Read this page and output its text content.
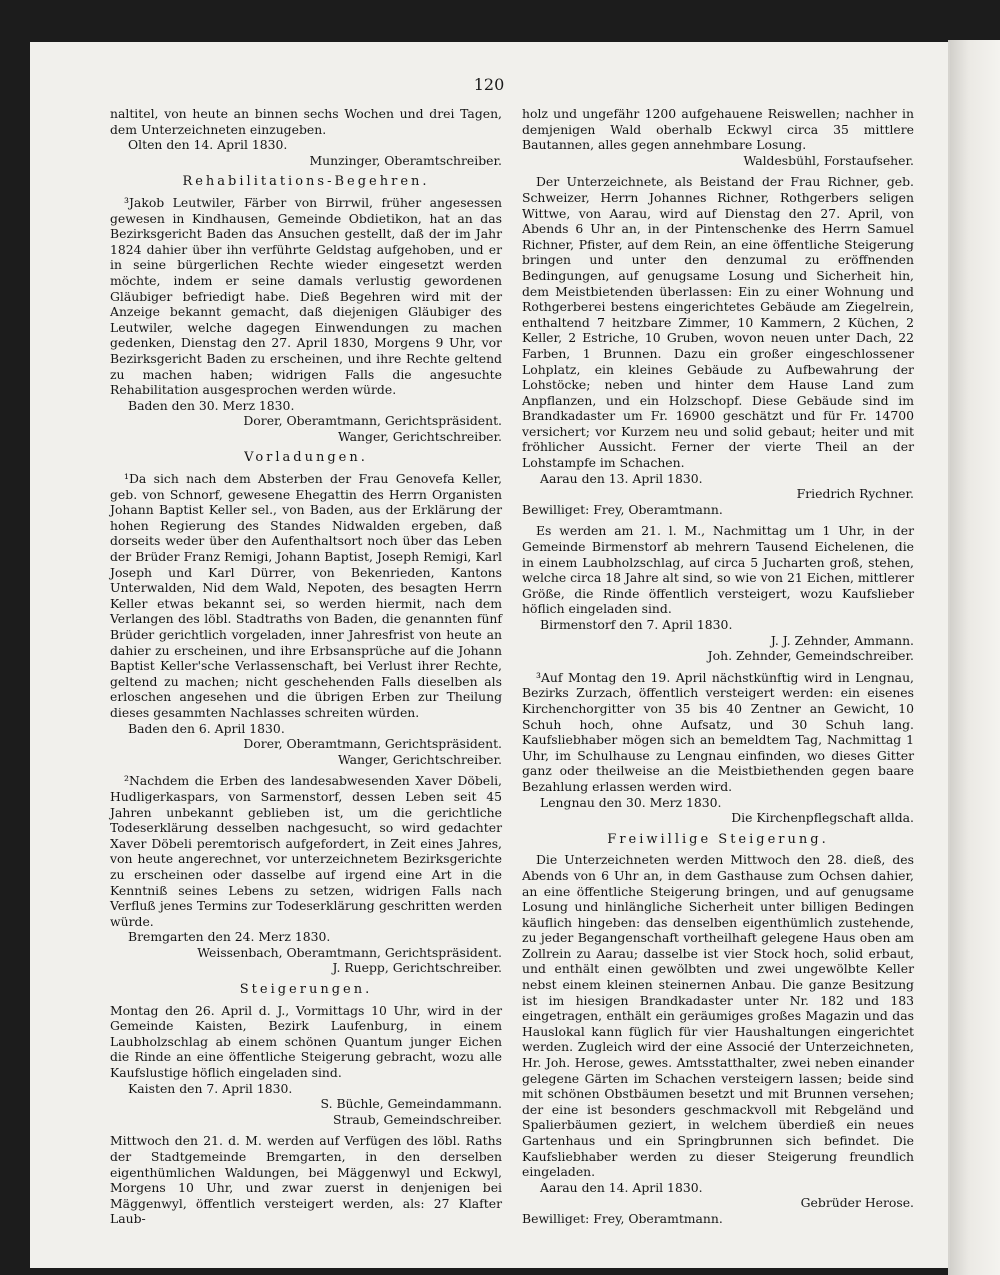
120

naltitel, von heute an binnen sechs Wochen und drei Tagen, dem Unterzeichneten einzugeben.

Olten den 14. April 1830.

Munzinger, Oberamtschreiber.

Rehabilitations-Begehren.

³Jakob Leutwiler, Färber von Birrwil, früher angesessen gewesen in Kindhausen, Gemeinde Obdietikon, hat an das Bezirksgericht Baden das Ansuchen gestellt, daß der im Jahr 1824 dahier über ihn verführte Geldstag aufgehoben, und er in seine bürgerlichen Rechte wieder eingesetzt werden möchte, indem er seine damals verlustig gewordenen Gläubiger befriedigt habe. Dieß Begehren wird mit der Anzeige bekannt gemacht, daß diejenigen Gläubiger des Leutwiler, welche dagegen Einwendungen zu machen gedenken, Dienstag den 27. April 1830, Morgens 9 Uhr, vor Bezirksgericht Baden zu erscheinen, und ihre Rechte geltend zu machen haben; widrigen Falls die angesuchte Rehabilitation ausgesprochen werden würde.

Baden den 30. Merz 1830.

Dorer, Oberamtmann, Gerichtspräsident.

Wanger, Gerichtschreiber.

Vorladungen.

¹Da sich nach dem Absterben der Frau Genovefa Keller, geb. von Schnorf, gewesene Ehegattin des Herrn Organisten Johann Baptist Keller sel., von Baden, aus der Erklärung der hohen Regierung des Standes Nidwalden ergeben, daß dorseits weder über den Aufenthaltsort noch über das Leben der Brüder Franz Remigi, Johann Baptist, Joseph Remigi, Karl Joseph und Karl Dürrer, von Bekenrieden, Kantons Unterwalden, Nid dem Wald, Nepoten, des besagten Herrn Keller etwas bekannt sei, so werden hiermit, nach dem Verlangen des löbl. Stadtraths von Baden, die genannten fünf Brüder gerichtlich vorgeladen, inner Jahresfrist von heute an dahier zu erscheinen, und ihre Erbsansprüche auf die Johann Baptist Keller'sche Verlassenschaft, bei Verlust ihrer Rechte, geltend zu machen; nicht geschehenden Falls dieselben als erloschen angesehen und die übrigen Erben zur Theilung dieses gesammten Nachlasses schreiten würden.

Baden den 6. April 1830.

Dorer, Oberamtmann, Gerichtspräsident.

Wanger, Gerichtschreiber.

²Nachdem die Erben des landesabwesenden Xaver Döbeli, Hudligerkaspars, von Sarmenstorf, dessen Leben seit 45 Jahren unbekannt geblieben ist, um die gerichtliche Todeserklärung desselben nachgesucht, so wird gedachter Xaver Döbeli peremtorisch aufgefordert, in Zeit eines Jahres, von heute angerechnet, vor unterzeichnetem Bezirksgerichte zu erscheinen oder dasselbe auf irgend eine Art in die Kenntniß seines Lebens zu setzen, widrigen Falls nach Verfluß jenes Termins zur Todeserklärung geschritten werden würde.

Bremgarten den 24. Merz 1830.

Weissenbach, Oberamtmann, Gerichtspräsident.

J. Ruepp, Gerichtschreiber.

Steigerungen.

Montag den 26. April d. J., Vormittags 10 Uhr, wird in der Gemeinde Kaisten, Bezirk Laufenburg, in einem Laubholzschlag ab einem schönen Quantum junger Eichen die Rinde an eine öffentliche Steigerung gebracht, wozu alle Kaufslustige höflich eingeladen sind.

Kaisten den 7. April 1830.

S. Büchle, Gemeindammann.

Straub, Gemeindschreiber.

Mittwoch den 21. d. M. werden auf Verfügen des löbl. Raths der Stadtgemeinde Bremgarten, in den derselben eigenthümlichen Waldungen, bei Mäggenwyl und Eckwyl, Morgens 10 Uhr, und zwar zuerst in denjenigen bei Mäggenwyl, öffentlich versteigert werden, als: 27 Klafter Laub-

holz und ungefähr 1200 aufgehauene Reiswellen; nachher in demjenigen Wald oberhalb Eckwyl circa 35 mittlere Bautannen, alles gegen annehmbare Losung.

Waldesbühl, Forstaufseher.

Der Unterzeichnete, als Beistand der Frau Richner, geb. Schweizer, Herrn Johannes Richner, Rothgerbers seligen Wittwe, von Aarau, wird auf Dienstag den 27. April, von Abends 6 Uhr an, in der Pintenschenke des Herrn Samuel Richner, Pfister, auf dem Rein, an eine öffentliche Steigerung bringen und unter den denzumal zu eröffnenden Bedingungen, auf genugsame Losung und Sicherheit hin, dem Meistbietenden überlassen: Ein zu einer Wohnung und Rothgerberei bestens eingerichtetes Gebäude am Ziegelrein, enthaltend 7 heitzbare Zimmer, 10 Kammern, 2 Küchen, 2 Keller, 2 Estriche, 10 Gruben, wovon neuen unter Dach, 22 Farben, 1 Brunnen. Dazu ein großer eingeschlossener Lohplatz, ein kleines Gebäude zu Aufbewahrung der Lohstöcke; neben und hinter dem Hause Land zum Anpflanzen, und ein Holzschopf. Diese Gebäude sind im Brandkadaster um Fr. 16900 geschätzt und für Fr. 14700 versichert; vor Kurzem neu und solid gebaut; heiter und mit fröhlicher Aussicht. Ferner der vierte Theil an der Lohstampfe im Schachen.

Aarau den 13. April 1830.

Friedrich Rychner.

Bewilliget: Frey, Oberamtmann.

Es werden am 21. l. M., Nachmittag um 1 Uhr, in der Gemeinde Birmenstorf ab mehrern Tausend Eichelenen, die in einem Laubholzschlag, auf circa 5 Jucharten groß, stehen, welche circa 18 Jahre alt sind, so wie von 21 Eichen, mittlerer Größe, die Rinde öffentlich versteigert, wozu Kaufslieber höflich eingeladen sind.

Birmenstorf den 7. April 1830.

J. J. Zehnder, Ammann.

Joh. Zehnder, Gemeindschreiber.

³Auf Montag den 19. April nächstkünftig wird in Lengnau, Bezirks Zurzach, öffentlich versteigert werden: ein eisenes Kirchenchorgitter von 35 bis 40 Zentner an Gewicht, 10 Schuh hoch, ohne Aufsatz, und 30 Schuh lang. Kaufsliebhaber mögen sich an bemeldtem Tag, Nachmittag 1 Uhr, im Schulhause zu Lengnau einfinden, wo dieses Gitter ganz oder theilweise an die Meistbiethenden gegen baare Bezahlung erlassen werden wird.

Lengnau den 30. Merz 1830.

Die Kirchenpflegschaft allda.

Freiwillige Steigerung.

Die Unterzeichneten werden Mittwoch den 28. dieß, des Abends von 6 Uhr an, in dem Gasthause zum Ochsen dahier, an eine öffentliche Steigerung bringen, und auf genugsame Losung und hinlängliche Sicherheit unter billigen Bedingen käuflich hingeben: das denselben eigenthümlich zustehende, zu jeder Begangenschaft vortheilhaft gelegene Haus oben am Zollrein zu Aarau; dasselbe ist vier Stock hoch, solid erbaut, und enthält einen gewölbten und zwei ungewölbte Keller nebst einem kleinen steinernen Anbau. Die ganze Besitzung ist im hiesigen Brandkadaster unter Nr. 182 und 183 eingetragen, enthält ein geräumiges großes Magazin und das Hauslokal kann füglich für vier Haushaltungen eingerichtet werden. Zugleich wird der eine Associé der Unterzeichneten, Hr. Joh. Herose, gewes. Amtsstatthalter, zwei neben einander gelegene Gärten im Schachen versteigern lassen; beide sind mit schönen Obstbäumen besetzt und mit Brunnen versehen; der eine ist besonders geschmackvoll mit Rebgeländ und Spalierbäumen geziert, in welchem überdieß ein neues Gartenhaus und ein Springbrunnen sich befindet. Die Kaufsliebhaber werden zu dieser Steigerung freundlich eingeladen.

Aarau den 14. April 1830.

Gebrüder Herose.

Bewilliget: Frey, Oberamtmann.
